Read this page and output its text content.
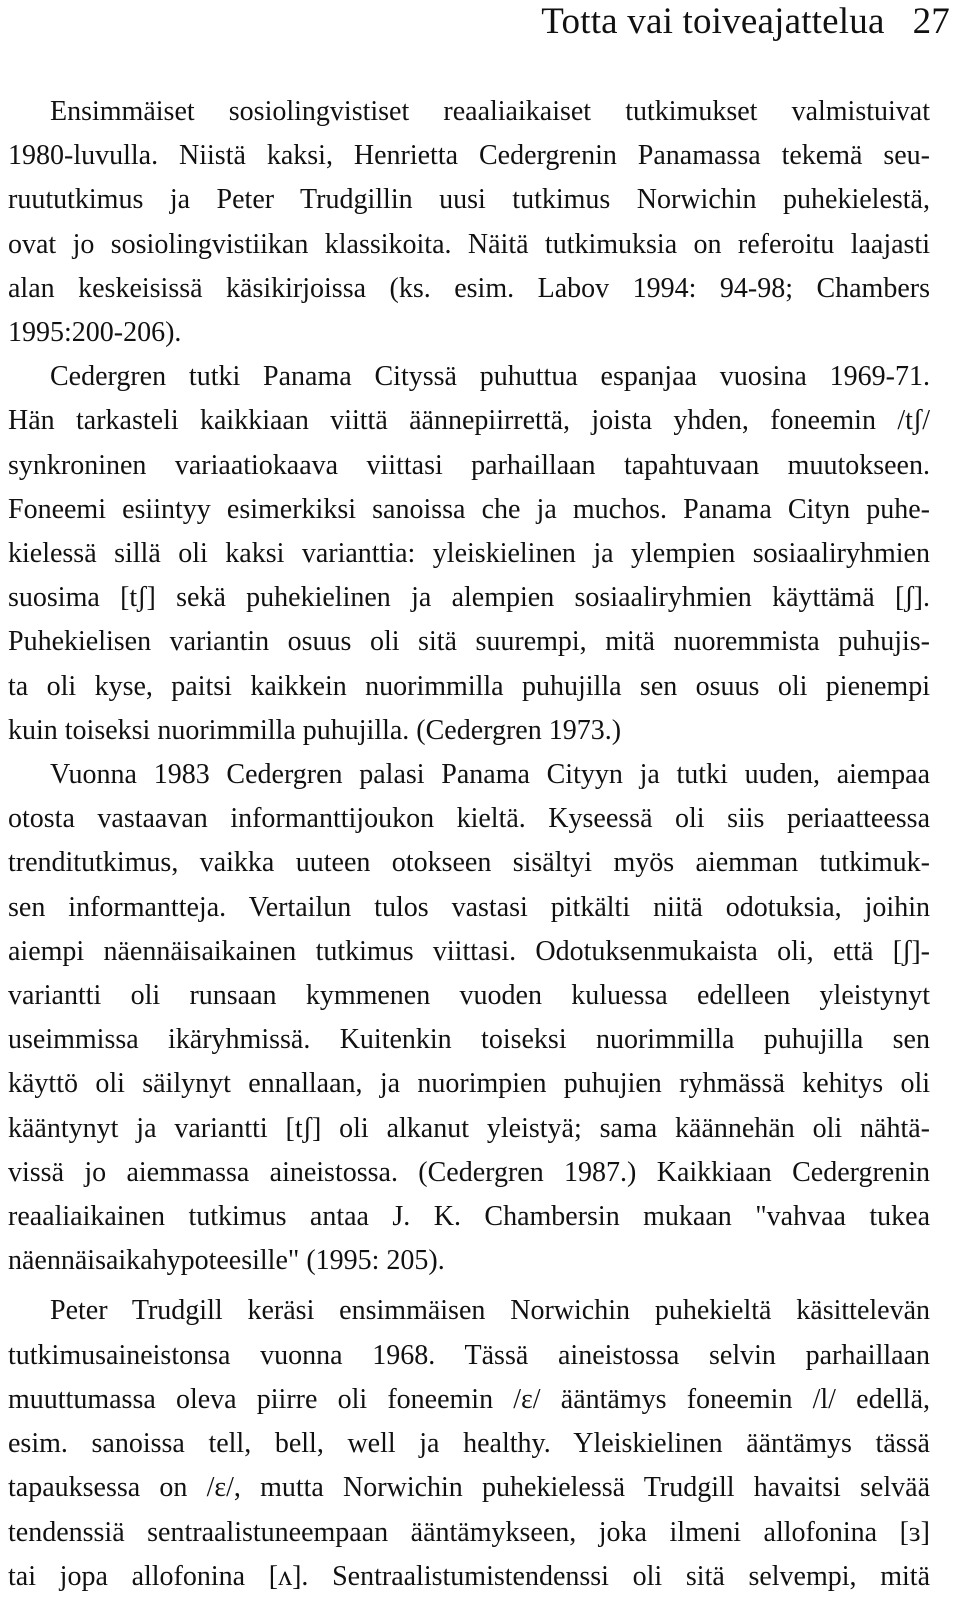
Totta vai toiveajattelua 27

Ensimmäiset sosiolingvistiset reaaliaikaiset tutkimukset valmistuivat
1980-luvulla. Niistä kaksi, Henrietta Cedergrenin Panamassa tekemä seu-
ruututkimus ja Peter Trudgillin uusi tutkimus Norwichin puhekielestä,
ovat jo sosiolingvistiikan klassikoita. Näitä tutkimuksia on referoitu laajasti
alan keskeisissä käsikirjoissa (ks. esim. Labov 1994: 94-98; Chambers
1995:200-206).

Cedergren tutki Panama Cityssä puhuttua espanjaa vuosina 1969-71.
Hän tarkasteli kaikkiaan viittä äännepiirrettä, joista yhden, foneemin /tʃ/
synkroninen variaatiokaava viittasi parhaillaan tapahtuvaan muutokseen.
Foneemi esiintyy esimerkiksi sanoissa che ja muchos. Panama Cityn puhe-
kielessä sillä oli kaksi varianttia: yleiskielinen ja ylempien sosiaaliryhmien
suosima [tʃ] sekä puhekielinen ja alempien sosiaaliryhmien käyttämä [ʃ].
Puhekielisen variantin osuus oli sitä suurempi, mitä nuoremmista puhujis-
ta oli kyse, paitsi kaikkein nuorimmilla puhujilla sen osuus oli pienempi
kuin toiseksi nuorimmilla puhujilla. (Cedergren 1973.)

Vuonna 1983 Cedergren palasi Panama Cityyn ja tutki uuden, aiempaa
otosta vastaavan informanttijoukon kieltä. Kyseessä oli siis periaatteessa
trenditutkimus, vaikka uuteen otokseen sisältyi myös aiemman tutkimuk-
sen informantteja. Vertailun tulos vastasi pitkälti niitä odotuksia, joihin
aiempi näennäisaikainen tutkimus viittasi. Odotuksenmukaista oli, että [ʃ]-
variantti oli runsaan kymmenen vuoden kuluessa edelleen yleistynyt
useimmissa ikäryhmissä. Kuitenkin toiseksi nuorimmilla puhujilla sen
käyttö oli säilynyt ennallaan, ja nuorimpien puhujien ryhmässä kehitys oli
kääntynyt ja variantti [tʃ] oli alkanut yleistyä; sama käännehän oli nähtä-
vissä jo aiemmassa aineistossa. (Cedergren 1987.) Kaikkiaan Cedergrenin
reaaliaikainen tutkimus antaa J. K. Chambersin mukaan "vahvaa tukea
näennäisaikahypoteesille" (1995: 205).

Peter Trudgill keräsi ensimmäisen Norwichin puhekieltä käsittelevän
tutkimusaineistonsa vuonna 1968. Tässä aineistossa selvin parhaillaan
muuttumassa oleva piirre oli foneemin /ɛ/ ääntämys foneemin /l/ edellä,
esim. sanoissa tell, bell, well ja healthy. Yleiskielinen ääntämys tässä
tapauksessa on /ɛ/, mutta Norwichin puhekielessä Trudgill havaitsi selvää
tendenssiä sentraalistuneempaan ääntämykseen, joka ilmeni allofonina [ɜ]
tai jopa allofonina [ʌ]. Sentraalistumistendenssi oli sitä selvempi, mitä
